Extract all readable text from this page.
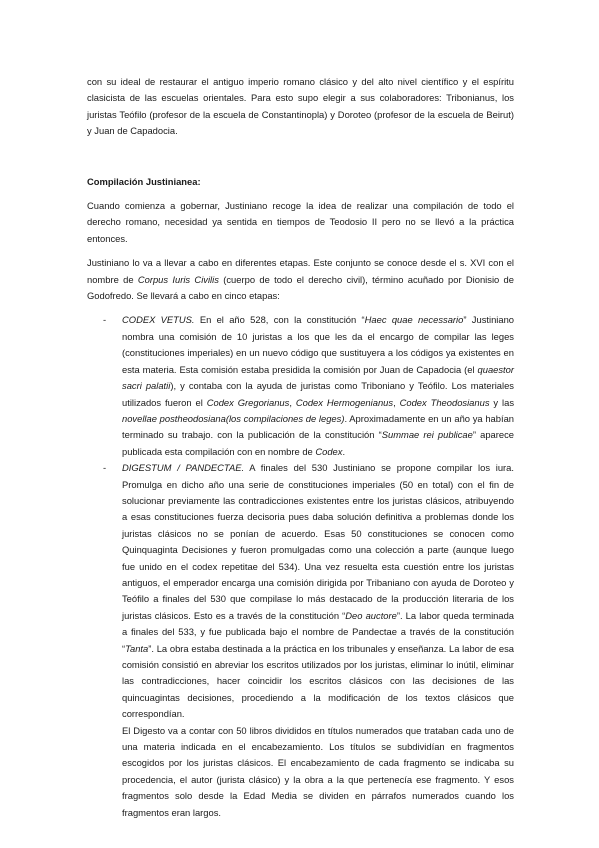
con su ideal de restaurar el antiguo imperio romano clásico y del alto nivel científico y el espíritu clasicista de las escuelas orientales. Para esto supo elegir a sus colaboradores: Tribonianus, los juristas Teófilo (profesor de la escuela de Constantinopla) y Doroteo (profesor de la escuela de Beirut) y Juan de Capadocia.

Compilación Justinianea:

Cuando comienza a gobernar, Justiniano recoge la idea de realizar una compilación de todo el derecho romano, necesidad ya sentida en tiempos de Teodosio II pero no se llevó a la práctica entonces.

Justiniano lo va a llevar a cabo en diferentes etapas. Este conjunto se conoce desde el s. XVI con el nombre de Corpus Iuris Civilis (cuerpo de todo el derecho civil), término acuñado por Dionisio de Godofredo. Se llevará a cabo en cinco etapas:

- CODEX VETUS. En el año 528, con la constitución “Haec quae necessario” Justiniano nombra una comisión de 10 juristas a los que les da el encargo de compilar las leges (constituciones imperiales) en un nuevo código que sustituyera a los códigos ya existentes en esta materia. Esta comisión estaba presidida la comisión por Juan de Capadocia (el quaestor sacri palatii), y contaba con la ayuda de juristas como Triboniano y Teófilo. Los materiales utilizados fueron el Codex Gregorianus, Codex Hermogenianus, Codex Theodosianus y las novellae postheodosiana(los compilaciones de leges). Aproximadamente en un año ya habían terminado su trabajo. con la publicación de la constitución “Summae rei publicae” aparece publicada esta compilación con en nombre de Codex.
- DIGESTUM / PANDECTAE. A finales del 530 Justiniano se propone compilar los iura. Promulga en dicho año una serie de constituciones imperiales (50 en total) con el fin de solucionar previamente las contradicciones existentes entre los juristas clásicos, atribuyendo a esas constituciones fuerza decisoria pues daba solución definitiva a problemas donde los juristas clásicos no se ponían de acuerdo. Esas 50 constituciones se conocen como Quinquaginta Decisiones y fueron promulgadas como una colección a parte (aunque luego fue unido en el codex repetitae del 534). Una vez resuelta esta cuestión entre los juristas antiguos, el emperador encarga una comisión dirigida por Tribaniano con ayuda de Doroteo y Teófilo a finales del 530 que compilase lo más destacado de la producción literaria de los juristas clásicos. Esto es a través de la constitución “Deo auctore”. La labor queda terminada a finales del 533, y fue publicada bajo el nombre de Pandectae a través de la constitución “Tanta”. La obra estaba destinada a la práctica en los tribunales y enseñanza. La labor de esa comisión consistió en abreviar los escritos utilizados por los juristas, eliminar lo inútil, eliminar las contradicciones, hacer coincidir los escritos clásicos con las decisiones de las quincuagintas decisiones, procediendo a la modificación de los textos clásicos que correspondían.

El Digesto va a contar con 50 libros divididos en títulos numerados que trataban cada uno de una materia indicada en el encabezamiento. Los títulos se subdividían en fragmentos escogidos por los juristas clásicos. El encabezamiento de cada fragmento se indicaba su procedencia, el autor (jurista clásico) y la obra a la que pertenecía ese fragmento. Y esos fragmentos solo desde la Edad Media se dividen en párrafos numerados cuando los fragmentos eran largos.
